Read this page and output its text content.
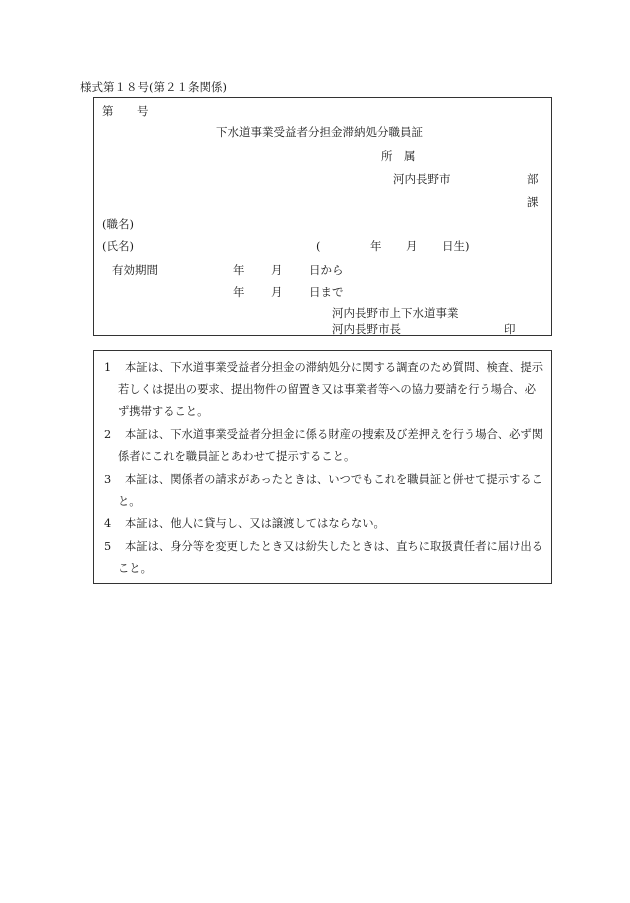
様式第１８号(第２１条関係)
第 号
下水道事業受益者分担金滞納処分職員証
所　属
河内長野市	部
課
(職名)
(氏名)	(	年 月 日生)
有効期間	年 月 日から
年 月 日まで
河内長野市上下水道事業
河内長野市長	印
1	本証は、下水道事業受益者分担金の滞納処分に関する調査のため質問、検査、提示若しくは提出の要求、提出物件の留置き又は事業者等への協力要請を行う場合、必ず携帯すること。
2	本証は、下水道事業受益者分担金に係る財産の捜索及び差押えを行う場合、必ず関係者にこれを職員証とあわせて提示すること。
3	本証は、関係者の請求があったときは、いつでもこれを職員証と併せて提示すること。
4	本証は、他人に貸与し、又は譲渡してはならない。
5	本証は、身分等を変更したとき又は紛失したときは、直ちに取扱責任者に届け出ること。
